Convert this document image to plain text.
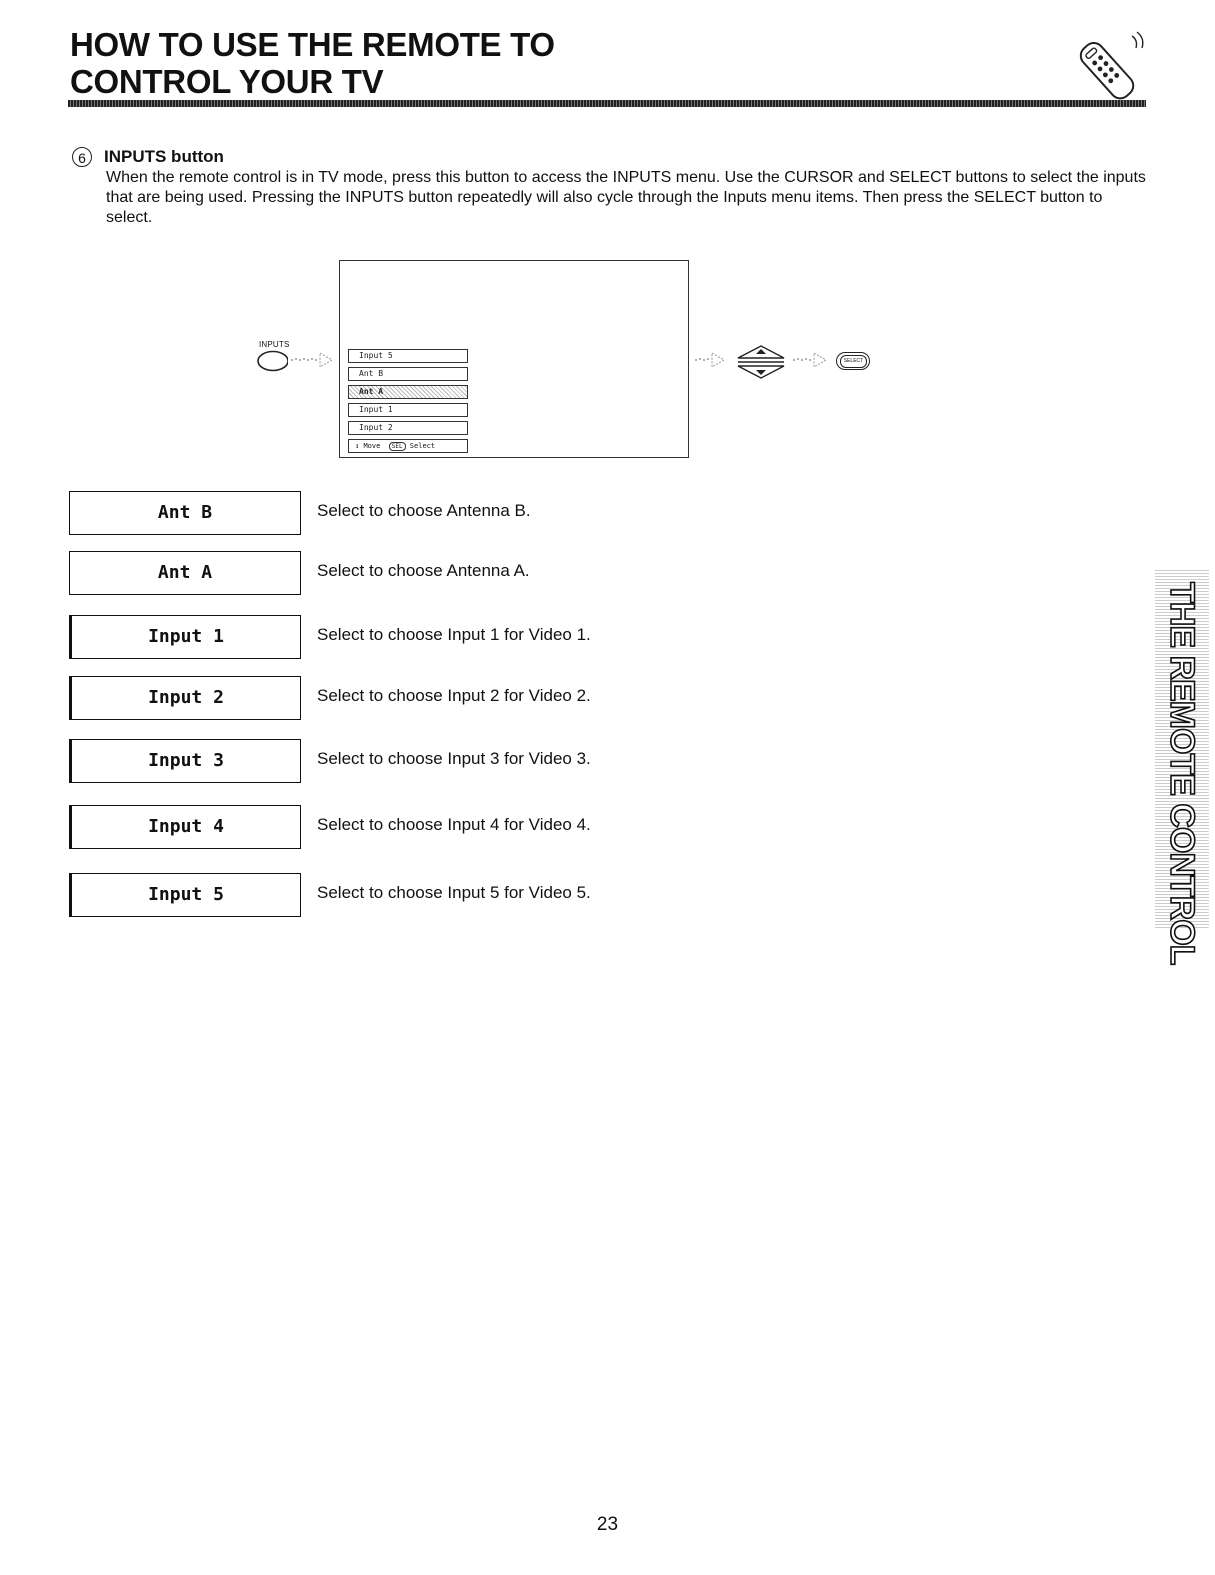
HOW TO USE THE REMOTE TO
CONTROL YOUR TV
6	INPUTS button
When the remote control is in TV mode, press this button to access the INPUTS menu. Use the CURSOR and SELECT buttons to select the inputs that are being used. Pressing the INPUTS button repeatedly will also cycle through the Inputs menu items. Then press the SELECT button to select.
INPUTS
Input 5
Ant B
Ant A
Input 1
Input 2
↕ Move SEL Select
SELECT
Ant B	Select to choose Antenna B.
Ant A	Select to choose Antenna A.
Input 1	Select to choose Input 1 for Video 1.
Input 2	Select to choose Input 2 for Video 2.
Input 3	Select to choose Input 3 for Video 3.
Input 4	Select to choose Input 4 for Video 4.
Input 5	Select to choose Input 5 for Video 5.	THE REMOTE CONTROL
23
